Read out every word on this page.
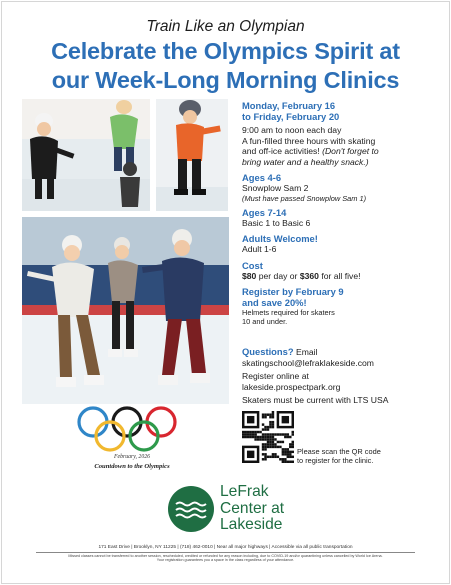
Train Like an Olympian
Celebrate the Olympics Spirit at
our Week-Long Morning Clinics
Monday, February 16
to Friday, February 20
9:00 am to noon each day
A fun-filled three hours with skating
and off-ice activities! (Don't forget to
bring water and a healthy snack.)
Ages 4-6
Snowplow Sam 2
(Must have passed Snowplow Sam 1)
Ages 7-14
Basic 1 to Basic 6
Adults Welcome!
Adult 1-6
Cost
$80 per day or $360 for all five!
Register by February 9
and save 20%!
Helmets required for skaters
10 and under.
Questions? Email
skatingschool@lefraklakeside.com
Register online at
lakeside.prospectpark.org
Skaters must be current with LTS USA
Please scan the QR code
to register for the clinic.
February, 2026
Countdown to the Olympics
LeFrak
Center at
Lakeside
171 East Drive | Brooklyn, NY 11225 | (718) 462-0010 | Near all major highways | Accessible via all public transportation
Missed classes cannot be transferred to another session, rescheduled, credited or refunded for any reason including, due to COVID-19 and/or quarantining unless cancelled by World Ice Arena.
Your registration guarantees you a space in the class regardless of your attendance.
